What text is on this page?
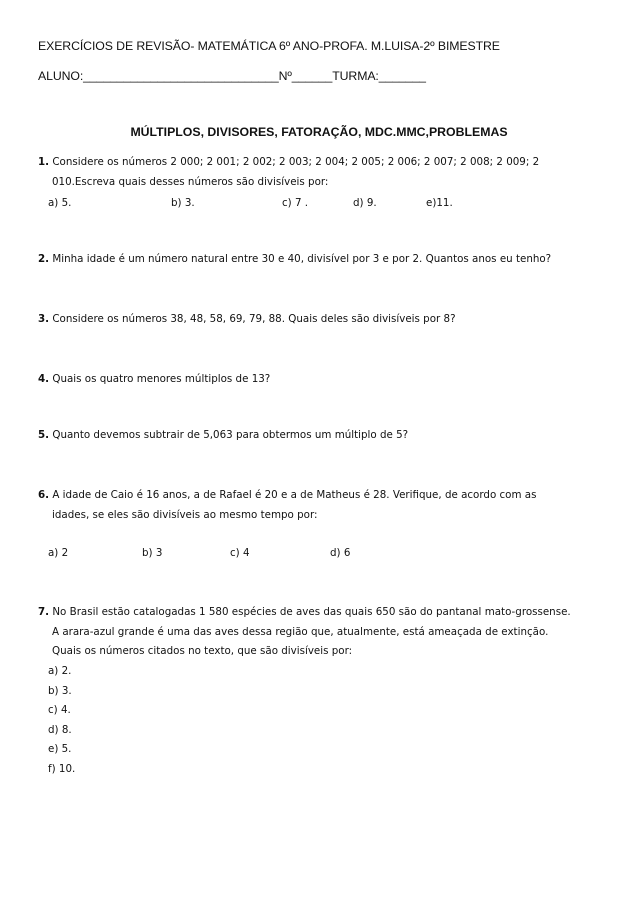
EXERCÍCIOS DE REVISÃO- MATEMÁTICA 6º ANO-PROFA. M.LUISA-2º BIMESTRE
ALUNO:_____________________________Nº______TURMA:_______
MÚLTIPLOS, DIVISORES, FATORAÇÃO, MDC.MMC,PROBLEMAS

1. Considere os números 2 000; 2 001; 2 002; 2 003; 2 004; 2 005; 2 006; 2 007; 2 008; 2 009; 2

010.Escreva quais desses números são divisíveis por:

a) 5.	b) 3.	c) 7 .	d) 9.	e)11.

2. Minha idade é um número natural entre 30 e 40, divisível por 3 e por 2. Quantos anos eu tenho?

3. Considere os números 38, 48, 58, 69, 79, 88. Quais deles são divisíveis por 8?

4. Quais os quatro menores múltiplos de 13?

5. Quanto devemos subtrair de 5,063 para obtermos um múltiplo de 5?

6. A idade de Caio é 16 anos, a de Rafael é 20 e a de Matheus é 28. Verifique, de acordo com as

idades, se eles são divisíveis ao mesmo tempo por:

a) 2	b) 3	c) 4	d) 6

7. No Brasil estão catalogadas 1 580 espécies de aves das quais 650 são do pantanal mato-grossense.

A arara-azul grande é uma das aves dessa região que, atualmente, está ameaçada de extinção.

Quais os números citados no texto, que são divisíveis por:

a) 2.
b) 3.
c) 4.
d) 8.
e) 5.
f) 10.
